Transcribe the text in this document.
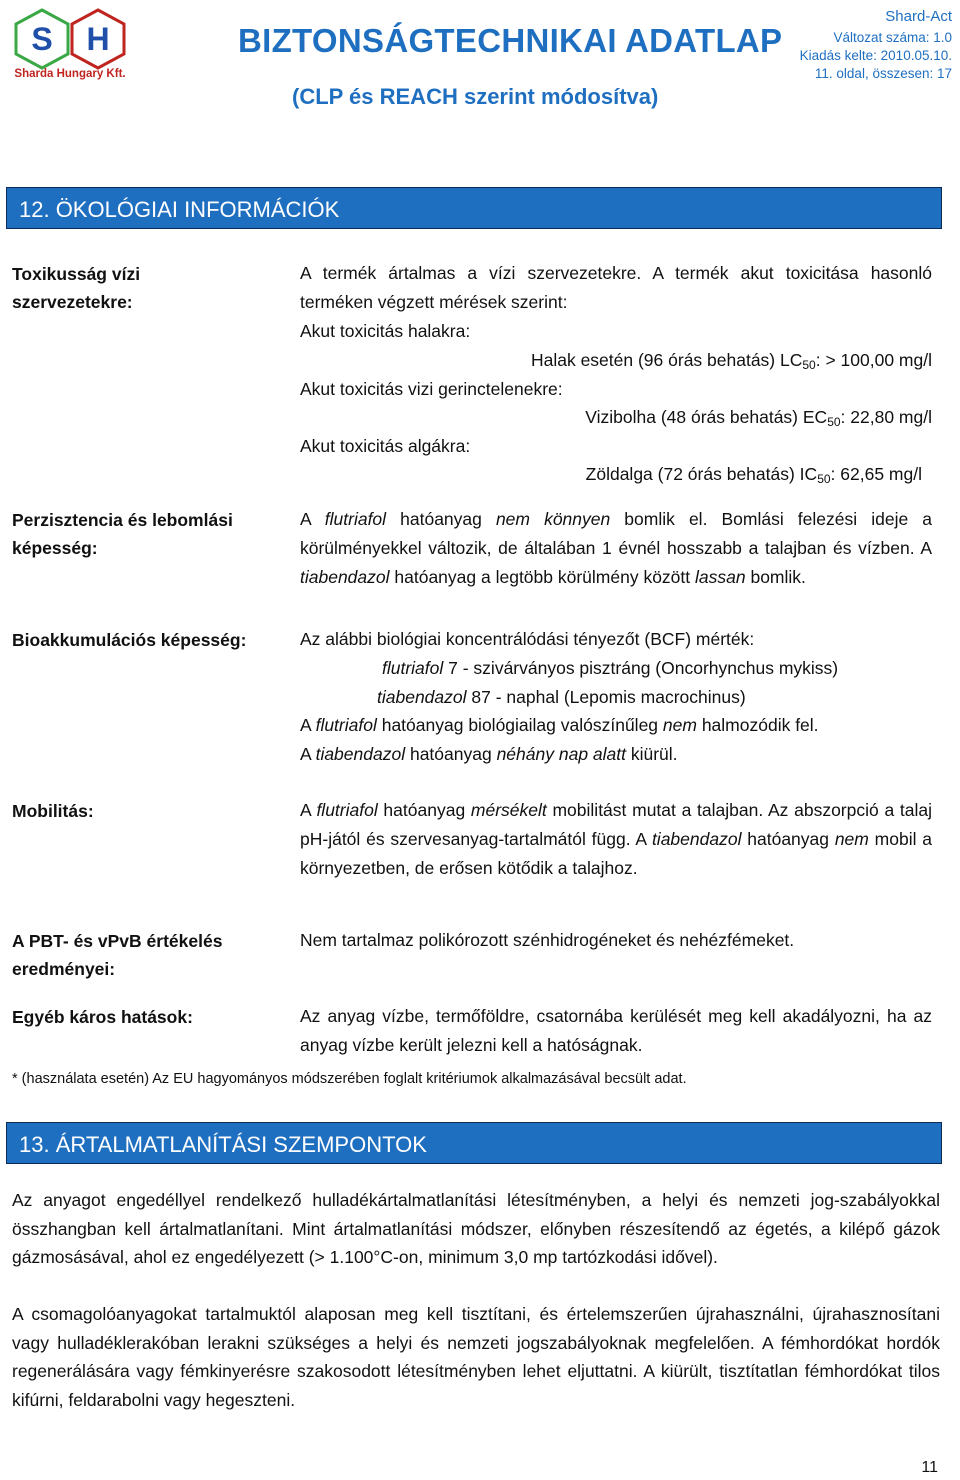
S H
Sharda Hungary Kft.
BIZTONSÁGTECHNIKAI ADATLAP
(CLP és REACH szerint módosítva)
Shard-Act
Változat száma: 1.0
Kiadás kelte: 2010.05.10.
11. oldal, összesen: 17
12. ÖKOLÓGIAI INFORMÁCIÓK
Toxikusság vízi szervezetekre:
A termék ártalmas a vízi szervezetekre. A termék akut toxicitása hasonló terméken végzett mérések szerint:
Akut toxicitás halakra:
Halak esetén (96 órás behatás) $LC_{50}$: > 100,00 mg/l
Akut toxicitás vizi gerinctelenekre:
Vizibolha (48 órás behatás) $EC_{50}$: 22,80 mg/l
Akut toxicitás algákra:
Zöldalga (72 órás behatás) $IC_{50}$: 62,65 mg/l
Perzisztencia és lebomlási képesség:
A flutriafol hatóanyag nem könnyen bomlik el. Bomlási felezési ideje a körülményekkel változik, de általában 1 évnél hosszabb a talajban és vízben. A tiabendazol hatóanyag a legtöbb körülmény között lassan bomlik.
Bioakkumulációs képesség:	Az alábbi biológiai koncentrálódási tényezőt (BCF) mérték:
flutriafol 7 - szivárványos pisztráng (Oncorhynchus mykiss)
tiabendazol 87 - naphal (Lepomis macrochinus)
A flutriafol hatóanyag biológiailag valószínűleg nem halmozódik fel.
A tiabendazol hatóanyag néhány nap alatt kiürül.
Mobilitás:	A flutriafol hatóanyag mérsékelt mobilitást mutat a talajban. Az abszorpció a talaj pH-jától és szervesanyag-tartalmától függ. A tiabendazol hatóanyag nem mobil a környezetben, de erősen kötődik a talajhoz.
A PBT- és vPvB értékelés eredményei:
Nem tartalmaz polikórozott szénhidrogéneket és nehézfémeket.
Egyéb káros hatások:	Az anyag vízbe, termőföldre, csatornába kerülését meg kell akadályozni, ha az anyag vízbe került jelezni kell a hatóságnak.
* (használata esetén) Az EU hagyományos módszerében foglalt kritériumok alkalmazásával becsült adat.
13. ÁRTALMATLANÍTÁSI SZEMPONTOK
Az anyagot engedéllyel rendelkező hulladékártalmatlanítási létesítményben, a helyi és nemzeti jog-szabályokkal összhangban kell ártalmatlanítani. Mint ártalmatlanítási módszer, előnyben részesítendő az égetés, a kilépő gázok gázmosásával, ahol ez engedélyezett (> 1.100°C-on, minimum 3,0 mp tartózkodási idővel).
A csomagolóanyagokat tartalmuktól alaposan meg kell tisztítani, és értelemszerűen újrahasználni, újrahasznosítani vagy hulladéklerakóban lerakni szükséges a helyi és nemzeti jogszabályoknak megfelelően. A fémhordókat hordók regenerálására vagy fémkinyerésre szakosodott létesítményben lehet eljuttatni. A kiürült, tisztítatlan fémhordókat tilos kifúrni, feldarabolni vagy hegeszteni.
11
